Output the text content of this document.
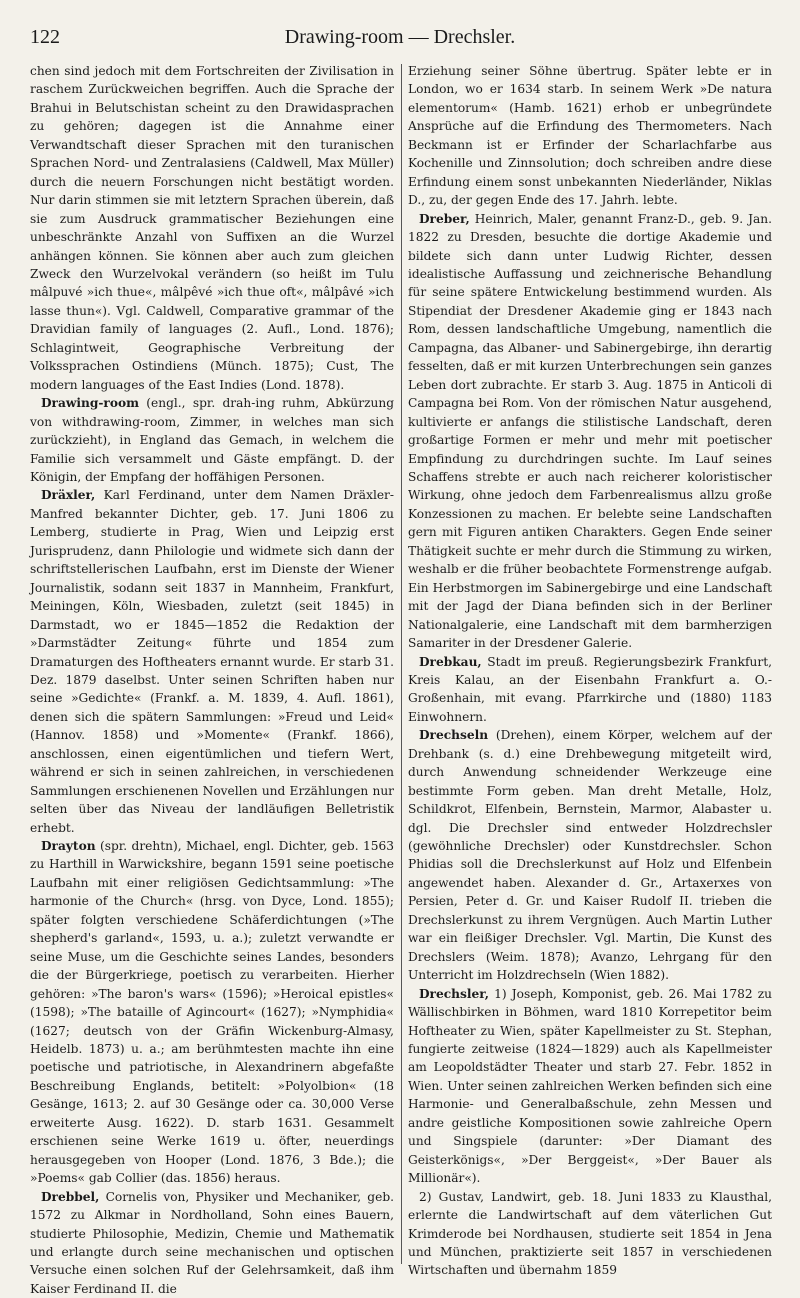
122	Drawing-room — Drechsler.

chen sind jedoch mit dem Fortschreiten der Zivilisation in raschem Zurückweichen begriffen. Auch die Sprache der Brahui in Belutschistan scheint zu den Drawidasprachen zu gehören; dagegen ist die Annahme einer Verwandtschaft dieser Sprachen mit den turanischen Sprachen Nord- und Zentralasiens (Caldwell, Max Müller) durch die neuern Forschungen nicht bestätigt worden. Nur darin stimmen sie mit letztern Sprachen überein, daß sie zum Ausdruck grammatischer Beziehungen eine unbeschränkte Anzahl von Suffixen an die Wurzel anhängen können. Sie können aber auch zum gleichen Zweck den Wurzelvokal verändern (so heißt im Tulu mâlpuvé »ich thue«, mâlpêvé »ich thue oft«, mâlpâvé »ich lasse thun«). Vgl. Caldwell, Comparative grammar of the Dravidian family of languages (2. Aufl., Lond. 1876); Schlagintweit, Geographische Verbreitung der Volkssprachen Ostindiens (Münch. 1875); Cust, The modern languages of the East Indies (Lond. 1878).

Drawing-room (engl., spr. drah-ing ruhm, Abkürzung von withdrawing-room, Zimmer, in welches man sich zurückzieht), in England das Gemach, in welchem die Familie sich versammelt und Gäste empfängt. D. der Königin, der Empfang der hoffähigen Personen.

Dräxler, Karl Ferdinand, unter dem Namen Dräxler-Manfred bekannter Dichter, geb. 17. Juni 1806 zu Lemberg, studierte in Prag, Wien und Leipzig erst Jurisprudenz, dann Philologie und widmete sich dann der schriftstellerischen Laufbahn, erst im Dienste der Wiener Journalistik, sodann seit 1837 in Mannheim, Frankfurt, Meiningen, Köln, Wiesbaden, zuletzt (seit 1845) in Darmstadt, wo er 1845—1852 die Redaktion der »Darmstädter Zeitung« führte und 1854 zum Dramaturgen des Hoftheaters ernannt wurde. Er starb 31. Dez. 1879 daselbst. Unter seinen Schriften haben nur seine »Gedichte« (Frankf. a. M. 1839, 4. Aufl. 1861), denen sich die spätern Sammlungen: »Freud und Leid« (Hannov. 1858) und »Momente« (Frankf. 1866), anschlossen, einen eigentümlichen und tiefern Wert, während er sich in seinen zahlreichen, in verschiedenen Sammlungen erschienenen Novellen und Erzählungen nur selten über das Niveau der landläufigen Belletristik erhebt.

Drayton (spr. drehtn), Michael, engl. Dichter, geb. 1563 zu Harthill in Warwickshire, begann 1591 seine poetische Laufbahn mit einer religiösen Gedichtsammlung: »The harmonie of the Church« (hrsg. von Dyce, Lond. 1855); später folgten verschiedene Schäferdichtungen (»The shepherd's garland«, 1593, u. a.); zuletzt verwandte er seine Muse, um die Geschichte seines Landes, besonders die der Bürgerkriege, poetisch zu verarbeiten. Hierher gehören: »The baron's wars« (1596); »Heroical epistles« (1598); »The bataille of Agincourt« (1627); »Nymphidia« (1627; deutsch von der Gräfin Wickenburg-Almasy, Heidelb. 1873) u. a.; am berühmtesten machte ihn eine poetische und patriotische, in Alexandrinern abgefaßte Beschreibung Englands, betitelt: »Polyolbion« (18 Gesänge, 1613; 2. auf 30 Gesänge oder ca. 30,000 Verse erweiterte Ausg. 1622). D. starb 1631. Gesammelt erschienen seine Werke 1619 u. öfter, neuerdings herausgegeben von Hooper (Lond. 1876, 3 Bde.); die »Poems« gab Collier (das. 1856) heraus.

Drebbel, Cornelis von, Physiker und Mechaniker, geb. 1572 zu Alkmar in Nordholland, Sohn eines Bauern, studierte Philosophie, Medizin, Chemie und Mathematik und erlangte durch seine mechanischen und optischen Versuche einen solchen Ruf der Gelehrsamkeit, daß ihm Kaiser Ferdinand II. die

Erziehung seiner Söhne übertrug. Später lebte er in London, wo er 1634 starb. In seinem Werk »De natura elementorum« (Hamb. 1621) erhob er unbegründete Ansprüche auf die Erfindung des Thermometers. Nach Beckmann ist er Erfinder der Scharlachfarbe aus Kochenille und Zinnsolution; doch schreiben andre diese Erfindung einem sonst unbekannten Niederländer, Niklas D., zu, der gegen Ende des 17. Jahrh. lebte.

Dreber, Heinrich, Maler, genannt Franz-D., geb. 9. Jan. 1822 zu Dresden, besuchte die dortige Akademie und bildete sich dann unter Ludwig Richter, dessen idealistische Auffassung und zeichnerische Behandlung für seine spätere Entwickelung bestimmend wurden. Als Stipendiat der Dresdener Akademie ging er 1843 nach Rom, dessen landschaftliche Umgebung, namentlich die Campagna, das Albaner- und Sabinergebirge, ihn derartig fesselten, daß er mit kurzen Unterbrechungen sein ganzes Leben dort zubrachte. Er starb 3. Aug. 1875 in Anticoli di Campagna bei Rom. Von der römischen Natur ausgehend, kultivierte er anfangs die stilistische Landschaft, deren großartige Formen er mehr und mehr mit poetischer Empfindung zu durchdringen suchte. Im Lauf seines Schaffens strebte er auch nach reicherer koloristischer Wirkung, ohne jedoch dem Farbenrealismus allzu große Konzessionen zu machen. Er belebte seine Landschaften gern mit Figuren antiken Charakters. Gegen Ende seiner Thätigkeit suchte er mehr durch die Stimmung zu wirken, weshalb er die früher beobachtete Formenstrenge aufgab. Ein Herbstmorgen im Sabinergebirge und eine Landschaft mit der Jagd der Diana befinden sich in der Berliner Nationalgalerie, eine Landschaft mit dem barmherzigen Samariter in der Dresdener Galerie.

Drebkau, Stadt im preuß. Regierungsbezirk Frankfurt, Kreis Kalau, an der Eisenbahn Frankfurt a. O.-Großenhain, mit evang. Pfarrkirche und (1880) 1183 Einwohnern.

Drechseln (Drehen), einem Körper, welchem auf der Drehbank (s. d.) eine Drehbewegung mitgeteilt wird, durch Anwendung schneidender Werkzeuge eine bestimmte Form geben. Man dreht Metalle, Holz, Schildkrot, Elfenbein, Bernstein, Marmor, Alabaster u. dgl. Die Drechsler sind entweder Holzdrechsler (gewöhnliche Drechsler) oder Kunstdrechsler. Schon Phidias soll die Drechslerkunst auf Holz und Elfenbein angewendet haben. Alexander d. Gr., Artaxerxes von Persien, Peter d. Gr. und Kaiser Rudolf II. trieben die Drechslerkunst zu ihrem Vergnügen. Auch Martin Luther war ein fleißiger Drechsler. Vgl. Martin, Die Kunst des Drechslers (Weim. 1878); Avanzo, Lehrgang für den Unterricht im Holzdrechseln (Wien 1882).

Drechsler, 1) Joseph, Komponist, geb. 26. Mai 1782 zu Wällischbirken in Böhmen, ward 1810 Korrepetitor beim Hoftheater zu Wien, später Kapellmeister zu St. Stephan, fungierte zeitweise (1824—1829) auch als Kapellmeister am Leopoldstädter Theater und starb 27. Febr. 1852 in Wien. Unter seinen zahlreichen Werken befinden sich eine Harmonie- und Generalbaßschule, zehn Messen und andre geistliche Kompositionen sowie zahlreiche Opern und Singspiele (darunter: »Der Diamant des Geisterkönigs«, »Der Berggeist«, »Der Bauer als Millionär«).

2) Gustav, Landwirt, geb. 18. Juni 1833 zu Klausthal, erlernte die Landwirtschaft auf dem väterlichen Gut Krimderode bei Nordhausen, studierte seit 1854 in Jena und München, praktizierte seit 1857 in verschiedenen Wirtschaften und übernahm 1859
